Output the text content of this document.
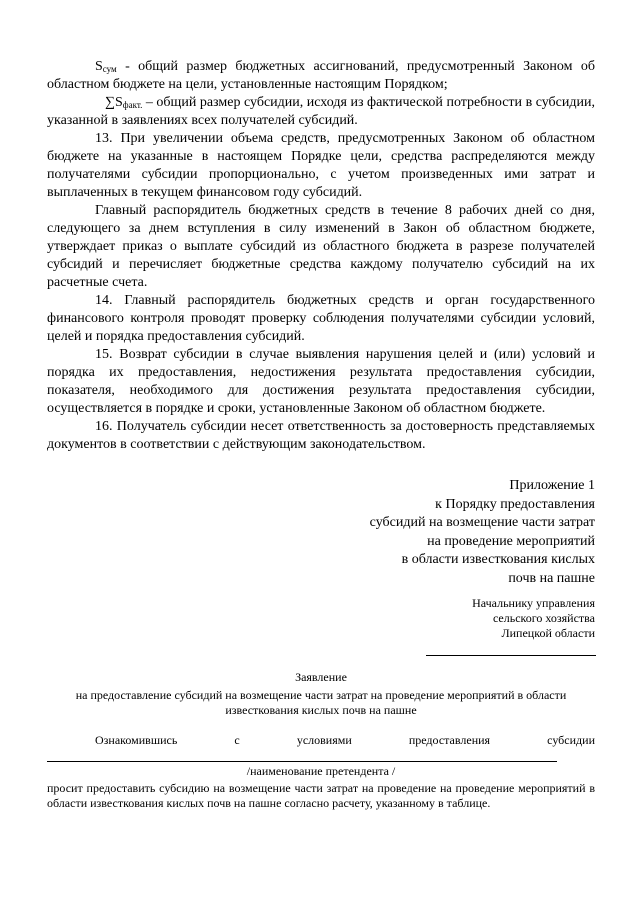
$S_{сум}$ - общий размер бюджетных ассигнований, предусмотренный Законом об областном бюджете на цели, установленные настоящим Порядком;

$\sum S_{факт.}$ – общий размер субсидии, исходя из фактической потребности в субсидии, указанной в заявлениях всех получателей субсидий.

13. При увеличении объема средств, предусмотренных Законом об областном бюджете на указанные в настоящем Порядке цели, средства распределяются между получателями субсидии пропорционально, с учетом произведенных ими затрат и выплаченных в текущем финансовом году субсидий.

Главный распорядитель бюджетных средств в течение 8 рабочих дней со дня, следующего за днем вступления в силу изменений в Закон об областном бюджете, утверждает приказ о выплате субсидий из областного бюджета в разрезе получателей субсидий и перечисляет бюджетные средства каждому получателю субсидий на их расчетные счета.

14. Главный распорядитель бюджетных средств и орган государственного финансового контроля проводят проверку соблюдения получателями субсидии условий, целей и порядка предоставления субсидий.

15. Возврат субсидии в случае выявления нарушения целей и (или) условий и порядка их предоставления, недостижения результата предоставления субсидии, показателя, необходимого для достижения результата предоставления субсидии, осуществляется в порядке и сроки, установленные Законом об областном бюджете.

16. Получатель субсидии несет ответственность за достоверность представляемых документов в соответствии с действующим законодательством.

Приложение 1
к Порядку предоставления
субсидий на возмещение части затрат
на проведение мероприятий
в области известкования кислых
почв на пашне
Начальнику управления
сельского хозяйства
Липецкой области
Заявление
на предоставление субсидий на возмещение части затрат на проведение мероприятий в области известкования кислых почв на пашне
Ознакомившись	с	условиями	предоставления	субсидии
/наименование претендента /
просит предоставить субсидию на возмещение части затрат на проведение на проведение мероприятий в области известкования кислых почв на пашне согласно расчету, указанному в таблице.
